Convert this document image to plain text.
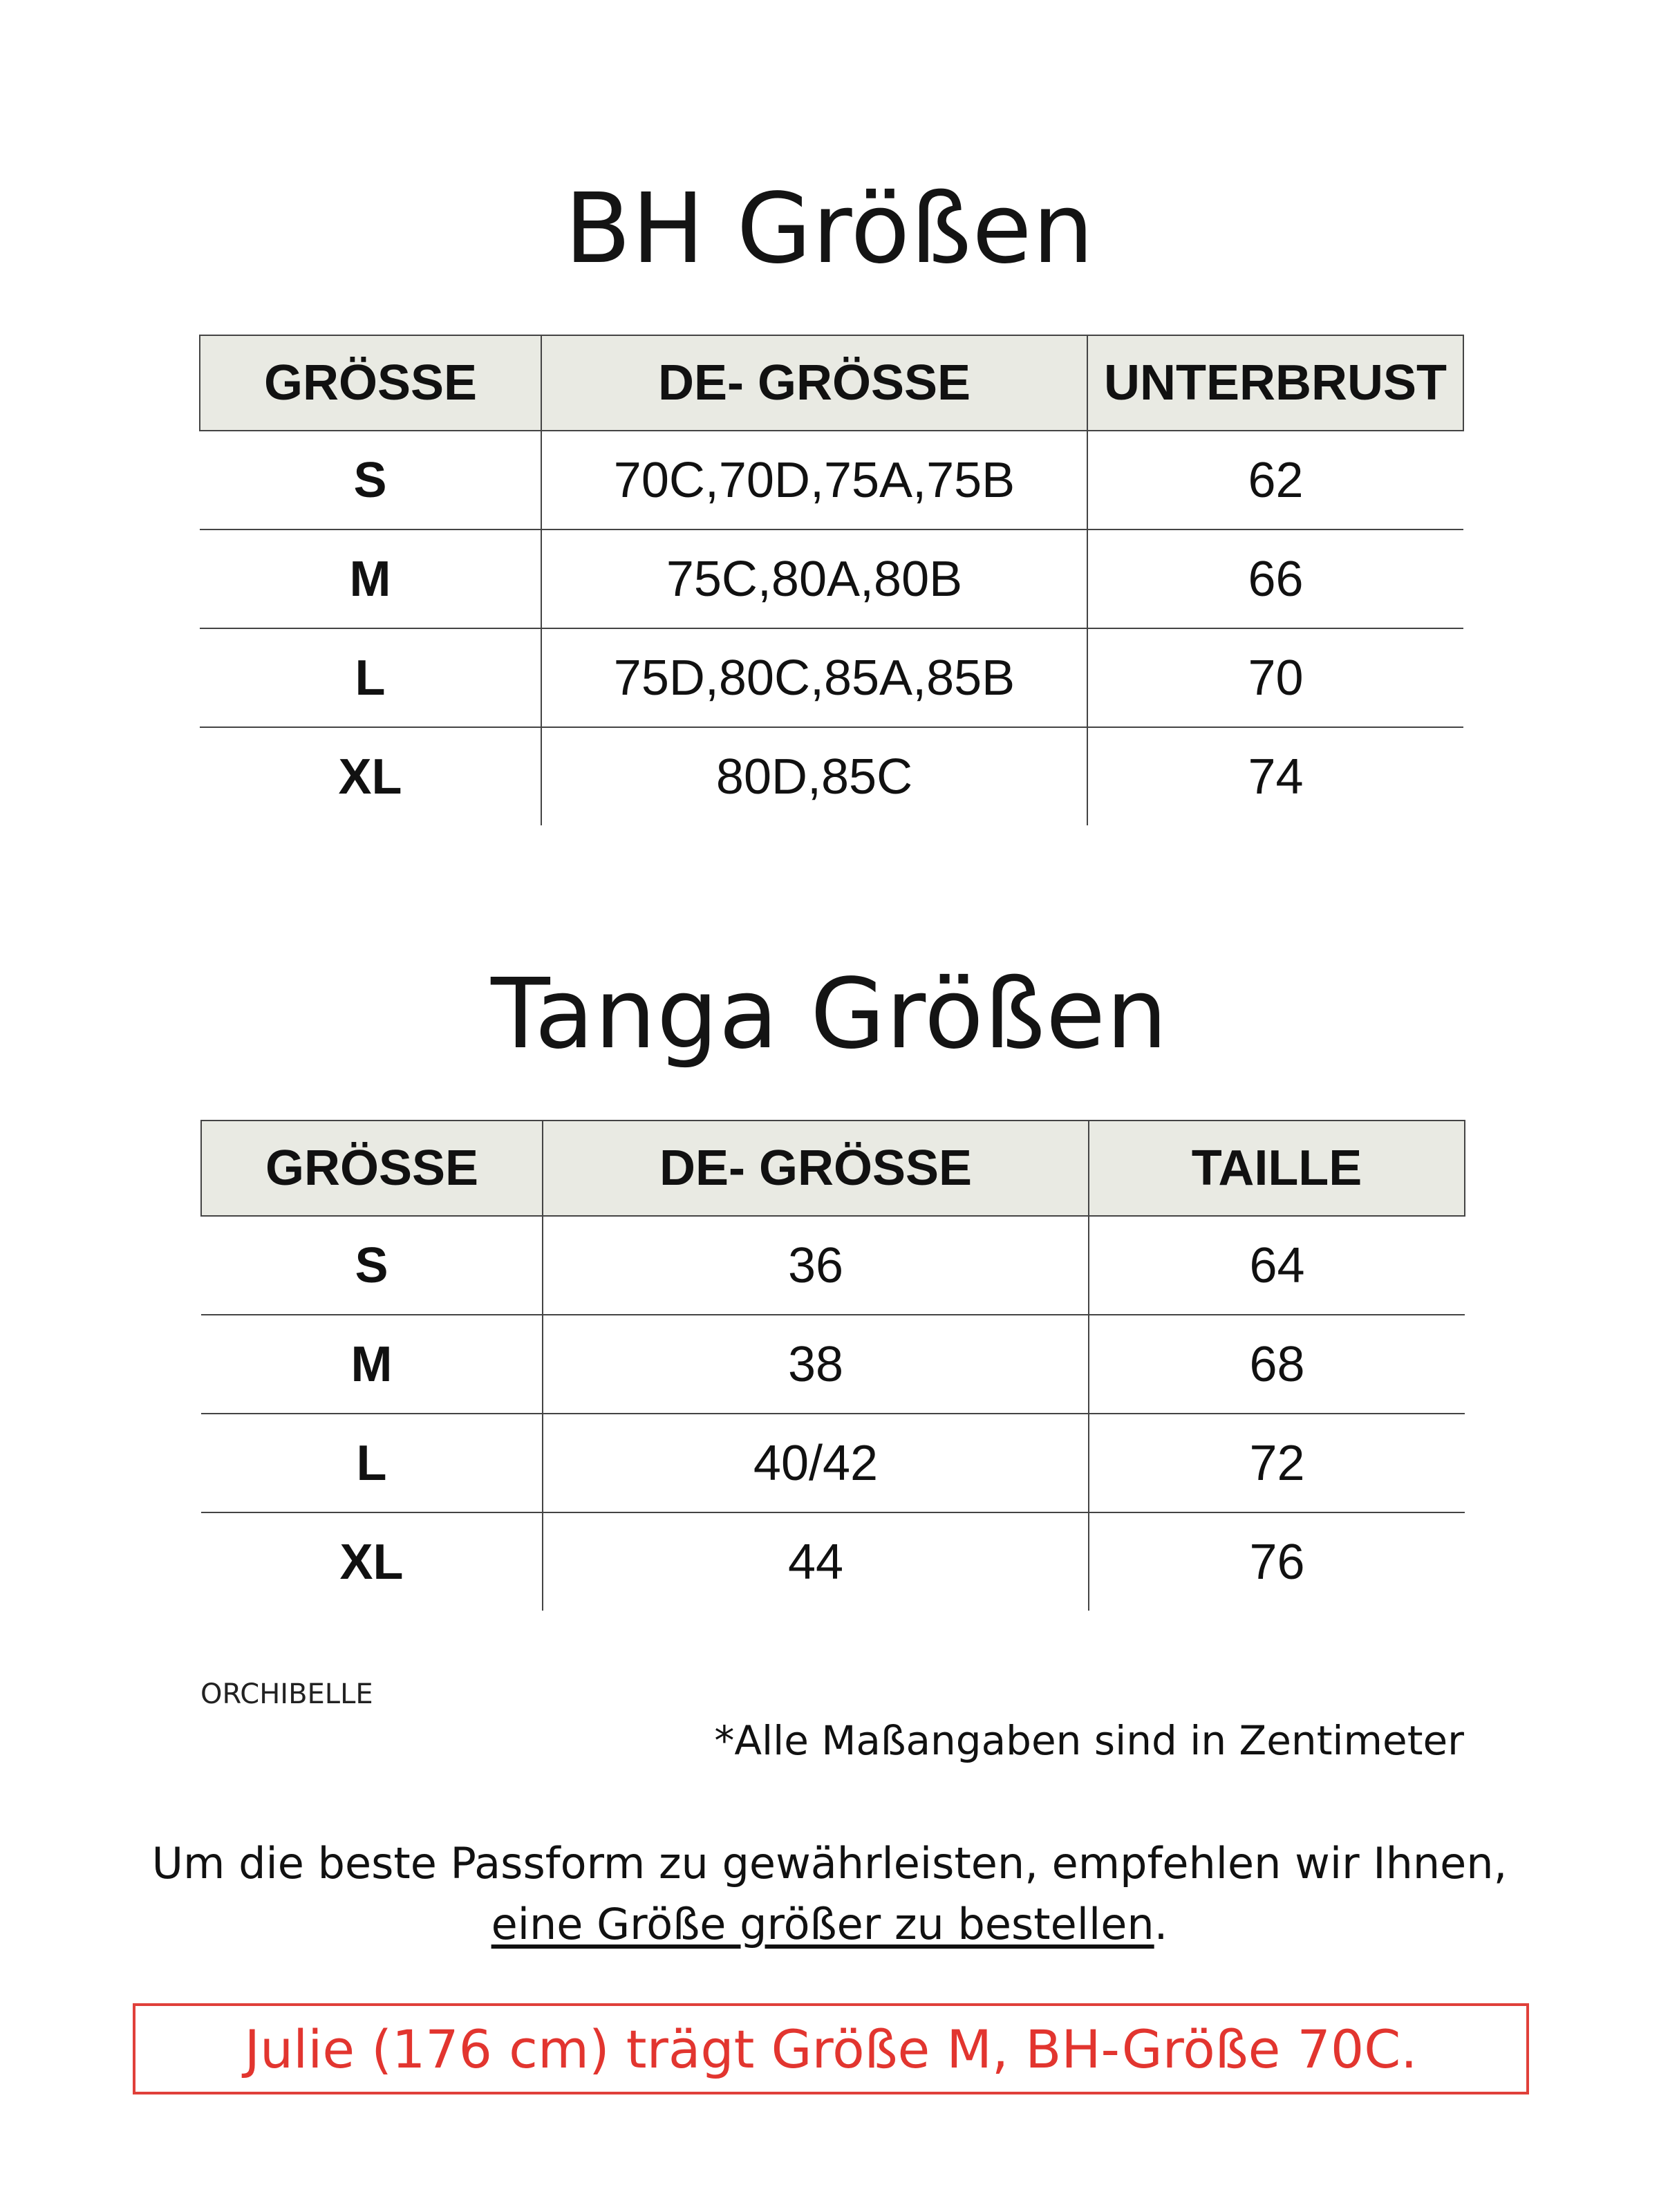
BH Größen
GRÖSSE	DE- GRÖSSE	UNTERBRUST
S	70C,70D,75A,75B	62
M	75C,80A,80B	66
L	75D,80C,85A,85B	70
XL	80D,85C	74
Tanga Größen
GRÖSSE	DE- GRÖSSE	TAILLE
S	36	64
M	38	68
L	40/42	72
XL	44	76
ORCHIBELLE
*Alle Maßangaben sind in Zentimeter
Um die beste Passform zu gewährleisten, empfehlen wir Ihnen,
eine Größe größer zu bestellen.
Julie (176 cm) trägt Größe M, BH-Größe 70C.
